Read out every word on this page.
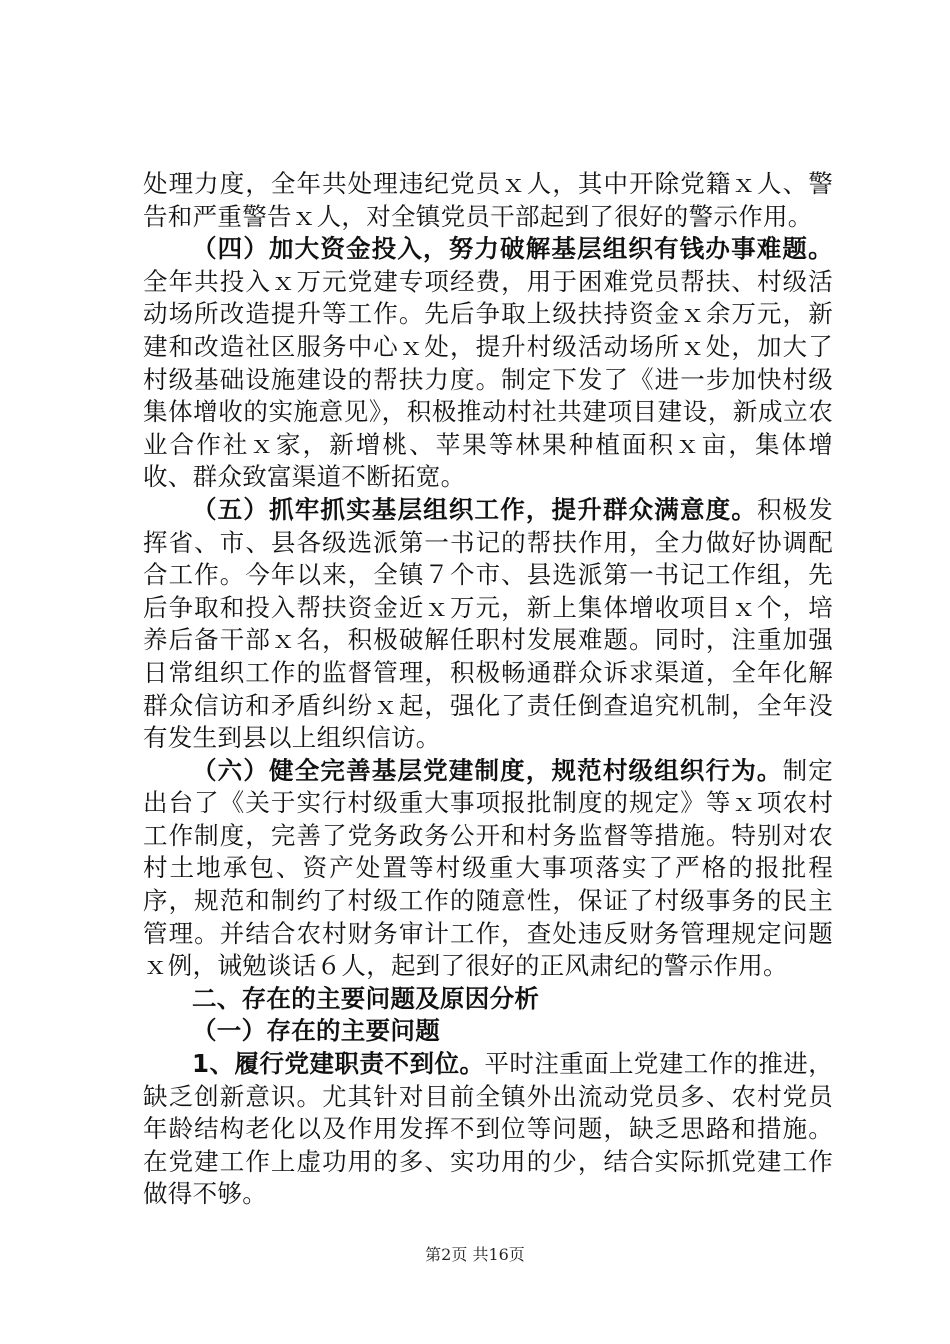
处理力度，全年共处理违纪党员ｘ人，其中开除党籍ｘ人、警告和严重警告ｘ人，对全镇党员干部起到了很好的警示作用。

（四）加大资金投入，努力破解基层组织有钱办事难题。全年共投入ｘ万元党建专项经费，用于困难党员帮扶、村级活动场所改造提升等工作。先后争取上级扶持资金ｘ余万元，新建和改造社区服务中心ｘ处，提升村级活动场所ｘ处，加大了村级基础设施建设的帮扶力度。制定下发了《进一步加快村级集体增收的实施意见》，积极推动村社共建项目建设，新成立农业合作社ｘ家，新增桃、苹果等林果种植面积ｘ亩，集体增收、群众致富渠道不断拓宽。

（五）抓牢抓实基层组织工作，提升群众满意度。积极发挥省、市、县各级选派第一书记的帮扶作用，全力做好协调配合工作。今年以来，全镇７个市、县选派第一书记工作组，先后争取和投入帮扶资金近ｘ万元，新上集体增收项目ｘ个，培养后备干部ｘ名，积极破解任职村发展难题。同时，注重加强日常组织工作的监督管理，积极畅通群众诉求渠道，全年化解群众信访和矛盾纠纷ｘ起，强化了责任倒查追究机制，全年没有发生到县以上组织信访。

（六）健全完善基层党建制度，规范村级组织行为。制定出台了《关于实行村级重大事项报批制度的规定》等ｘ项农村工作制度，完善了党务政务公开和村务监督等措施。特别对农村土地承包、资产处置等村级重大事项落实了严格的报批程序，规范和制约了村级工作的随意性，保证了村级事务的民主管理。并结合农村财务审计工作，查处违反财务管理规定问题ｘ例，诫勉谈话６人，起到了很好的正风肃纪的警示作用。

二、存在的主要问题及原因分析

（一）存在的主要问题

1、履行党建职责不到位。平时注重面上党建工作的推进，缺乏创新意识。尤其针对目前全镇外出流动党员多、农村党员年龄结构老化以及作用发挥不到位等问题，缺乏思路和措施。在党建工作上虚功用的多、实功用的少，结合实际抓党建工作做得不够。

第2页 共16页
